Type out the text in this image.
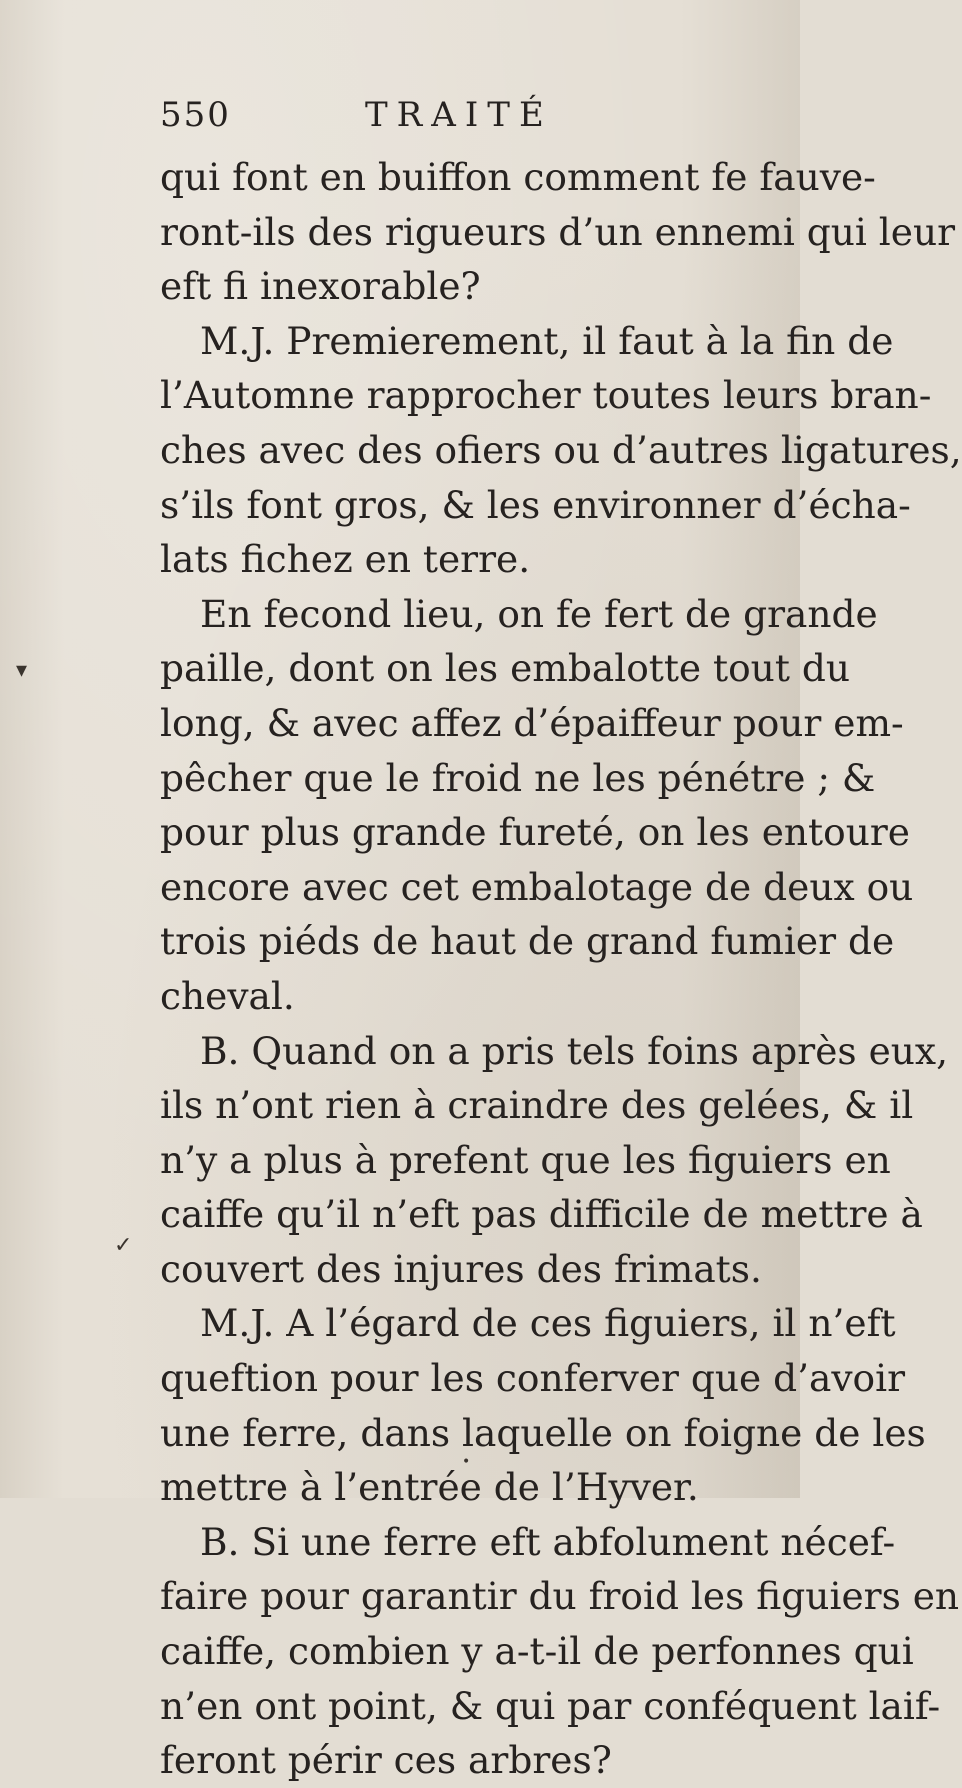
550	TRAITÉ
qui font en buiffon comment fe fauve-
ront-ils des rigueurs d’un ennemi qui leur
eft fi inexorable?
M.J. Premierement, il faut à la fin de
l’Automne rapprocher toutes leurs bran-
ches avec des ofiers ou d’autres ligatures,
s’ils font gros, & les environner d’écha-
lats fichez en terre.
En fecond lieu, on fe fert de grande
paille, dont on les embalotte tout du
long, & avec affez d’épaiffeur pour em-
pêcher que le froid ne les pénétre ; &
pour plus grande fureté, on les entoure
encore avec cet embalotage de deux ou
trois piéds de haut de grand fumier de
cheval.
B. Quand on a pris tels foins après eux,
ils n’ont rien à craindre des gelées, & il
n’y a plus à prefent que les figuiers en
caiffe qu’il n’eft pas difficile de mettre à
couvert des injures des frimats.
M.J. A l’égard de ces figuiers, il n’eft
queftion pour les conferver que d’avoir
une ferre, dans laquelle on foigne de les
mettre à l’entrée de l’Hyver.
B. Si une ferre eft abfolument nécef-
faire pour garantir du froid les figuiers en
caiffe, combien y a-t-il de perfonnes qui
n’en ont point, & qui par conféquent laif-
feront périr ces arbres?
▾
✓
•
